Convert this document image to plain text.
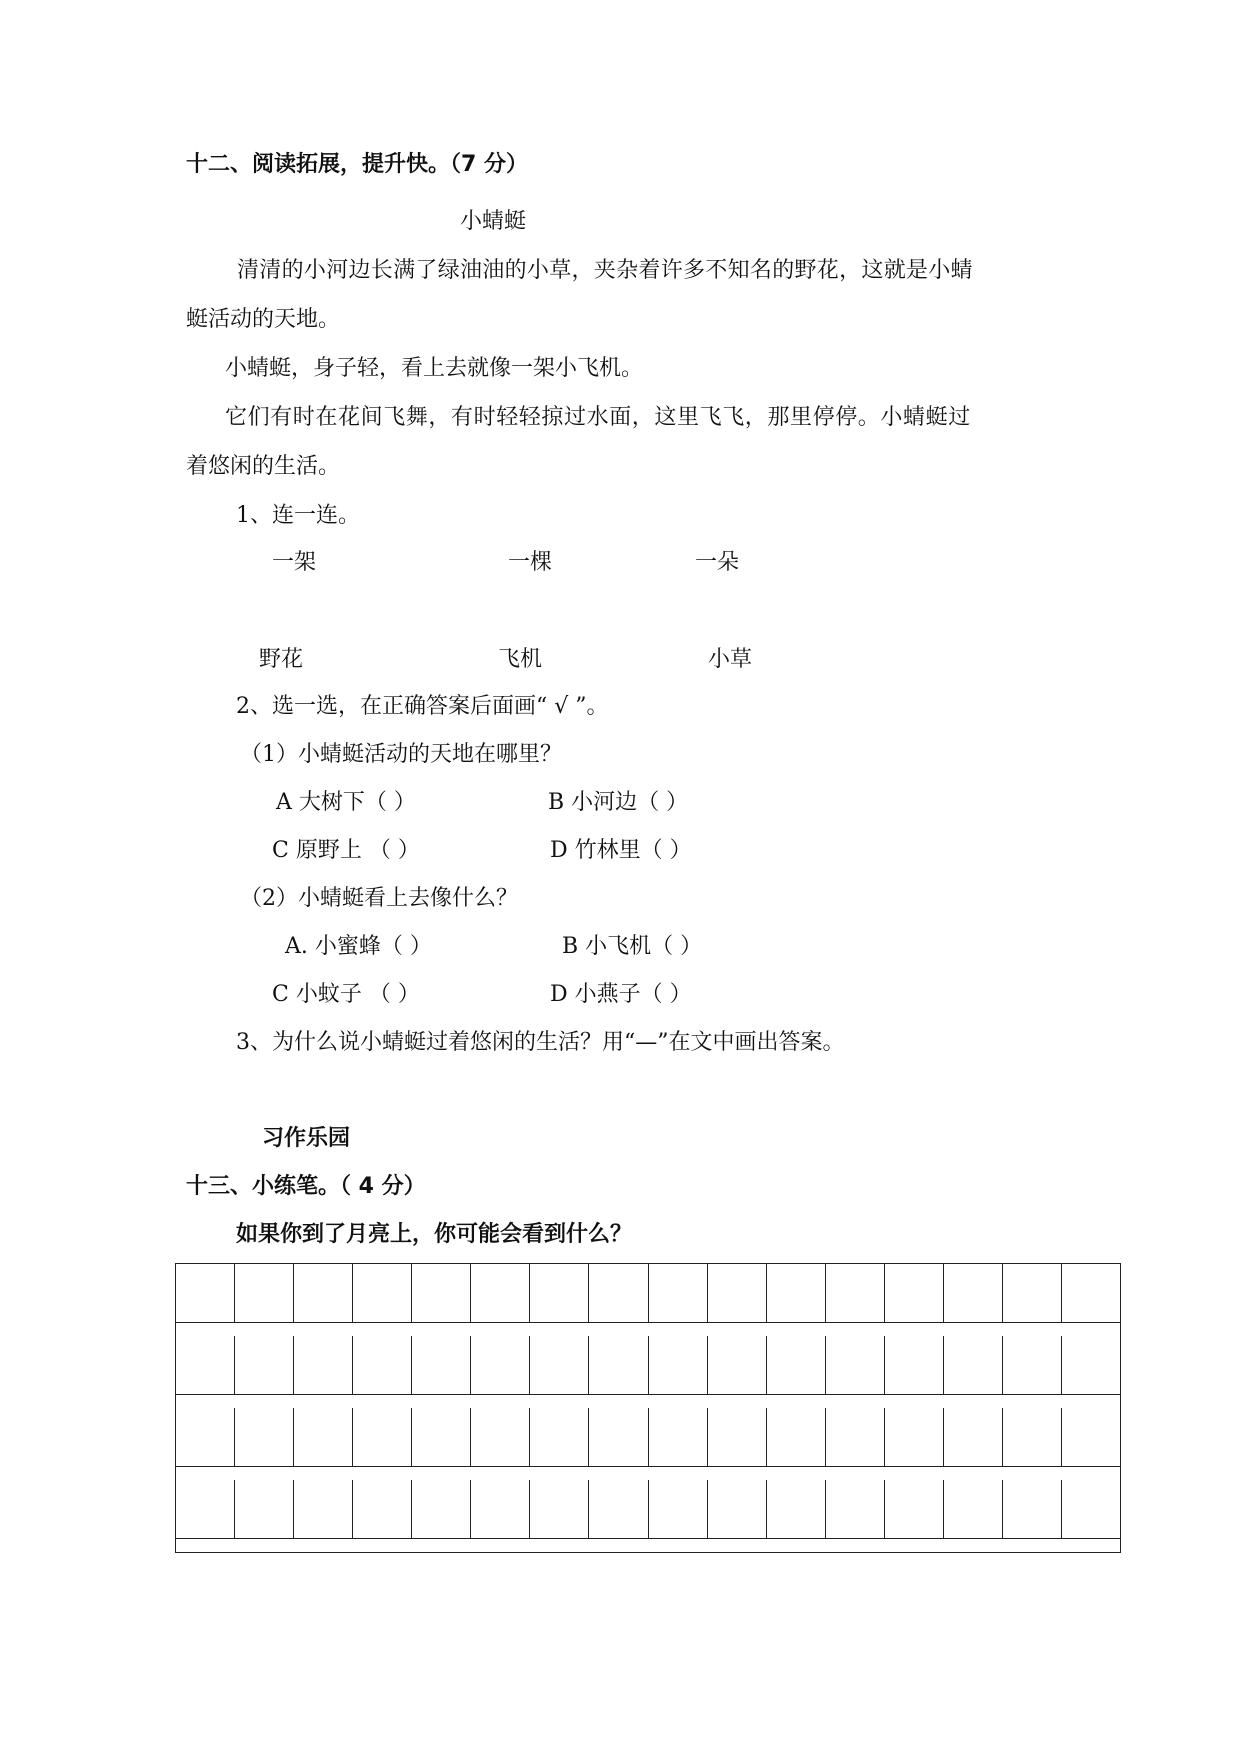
十二、阅读拓展，提升快。（7 分）
小蜻蜓
清清的小河边长满了绿油油的小草，夹杂着许多不知名的野花，这就是小蜻
蜓活动的天地。
小蜻蜓，身子轻，看上去就像一架小飞机。
它们有时在花间飞舞，有时轻轻掠过水面，这里飞飞，那里停停。小蜻蜓过
着悠闲的生活。
1、连一连。
一架	一棵	一朵
野花	飞机	小草
2、选一选，在正确答案后面画“ √ ”。
（1）小蜻蜓活动的天地在哪里？
A 大树下（ ）	B 小河边（ ）
C 原野上 （ ）	D 竹林里（ ）
（2）小蜻蜓看上去像什么？
A. 小蜜蜂（ ）	B 小飞机（ ）
C 小蚊子 （ ）	D 小燕子（ ）
3、为什么说小蜻蜓过着悠闲的生活？用“—”在文中画出答案。
习作乐园
十三、小练笔。（ 4 分）
如果你到了月亮上，你可能会看到什么？
